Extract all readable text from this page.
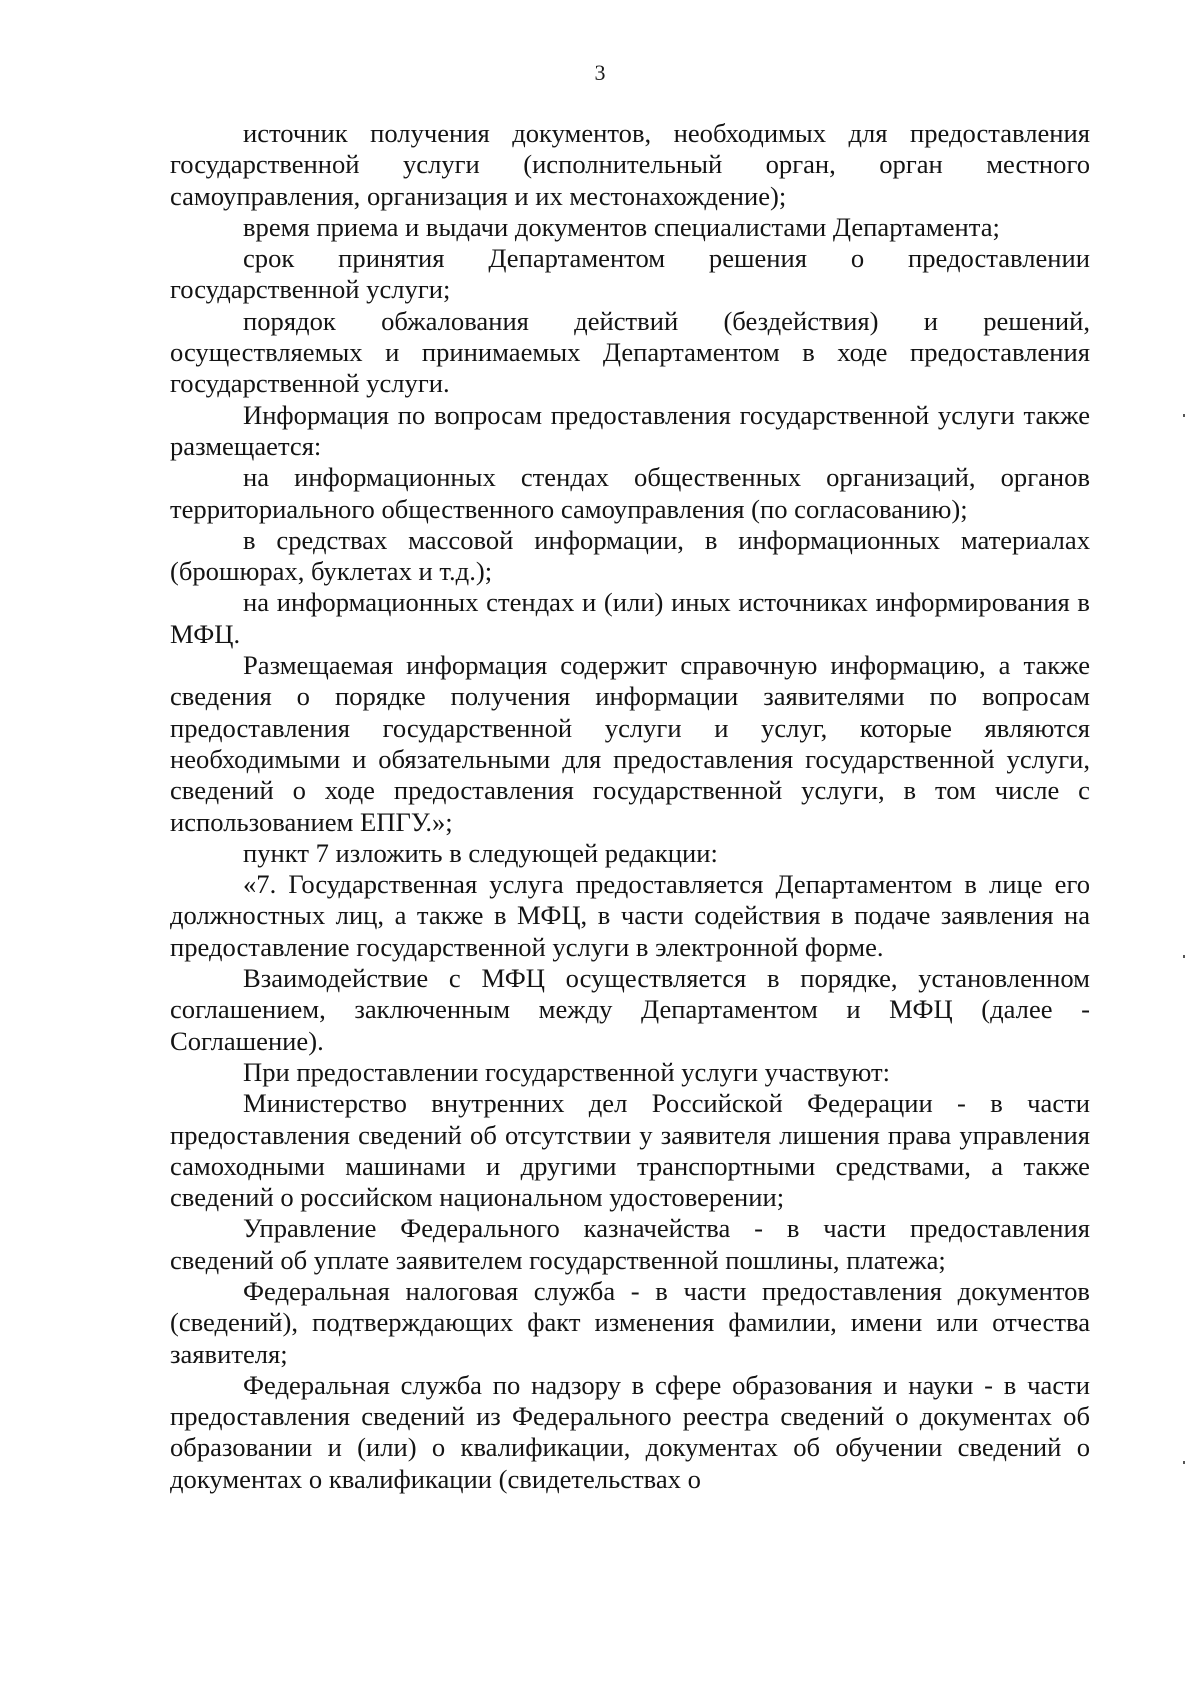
3

источник получения документов, необходимых для предоставления государственной услуги (исполнительный орган, орган местного самоуправления, организация и их местонахождение);

время приема и выдачи документов специалистами Департамента;

срок принятия Департаментом решения о предоставлении государственной услуги;

порядок обжалования действий (бездействия) и решений, осуществляемых и принимаемых Департаментом в ходе предоставления государственной услуги.

Информация по вопросам предоставления государственной услуги также размещается:

на информационных стендах общественных организаций, органов территориального общественного самоуправления (по согласованию);

в средствах массовой информации, в информационных материалах (брошюрах, буклетах и т.д.);

на информационных стендах и (или) иных источниках информирования в МФЦ.

Размещаемая информация содержит справочную информацию, а также сведения о порядке получения информации заявителями по вопросам предоставления государственной услуги и услуг, которые являются необходимыми и обязательными для предоставления государственной услуги, сведений о ходе предоставления государственной услуги, в том числе с использованием ЕПГУ.»;

пункт 7 изложить в следующей редакции:

«7. Государственная услуга предоставляется Департаментом в лице его должностных лиц, а также в МФЦ, в части содействия в подаче заявления на предоставление государственной услуги в электронной форме.

Взаимодействие с МФЦ осуществляется в порядке, установленном соглашением, заключенным между Департаментом и МФЦ (далее - Соглашение).

При предоставлении государственной услуги участвуют:

Министерство внутренних дел Российской Федерации - в части предоставления сведений об отсутствии у заявителя лишения права управления самоходными машинами и другими транспортными средствами, а также сведений о российском национальном удостоверении;

Управление Федерального казначейства - в части предоставления сведений об уплате заявителем государственной пошлины, платежа;

Федеральная налоговая служба - в части предоставления документов (сведений), подтверждающих факт изменения фамилии, имени или отчества заявителя;

Федеральная служба по надзору в сфере образования и науки - в части предоставления сведений из Федерального реестра сведений о документах об образовании и (или) о квалификации, документах об обучении сведений о документах о квалификации (свидетельствах о
